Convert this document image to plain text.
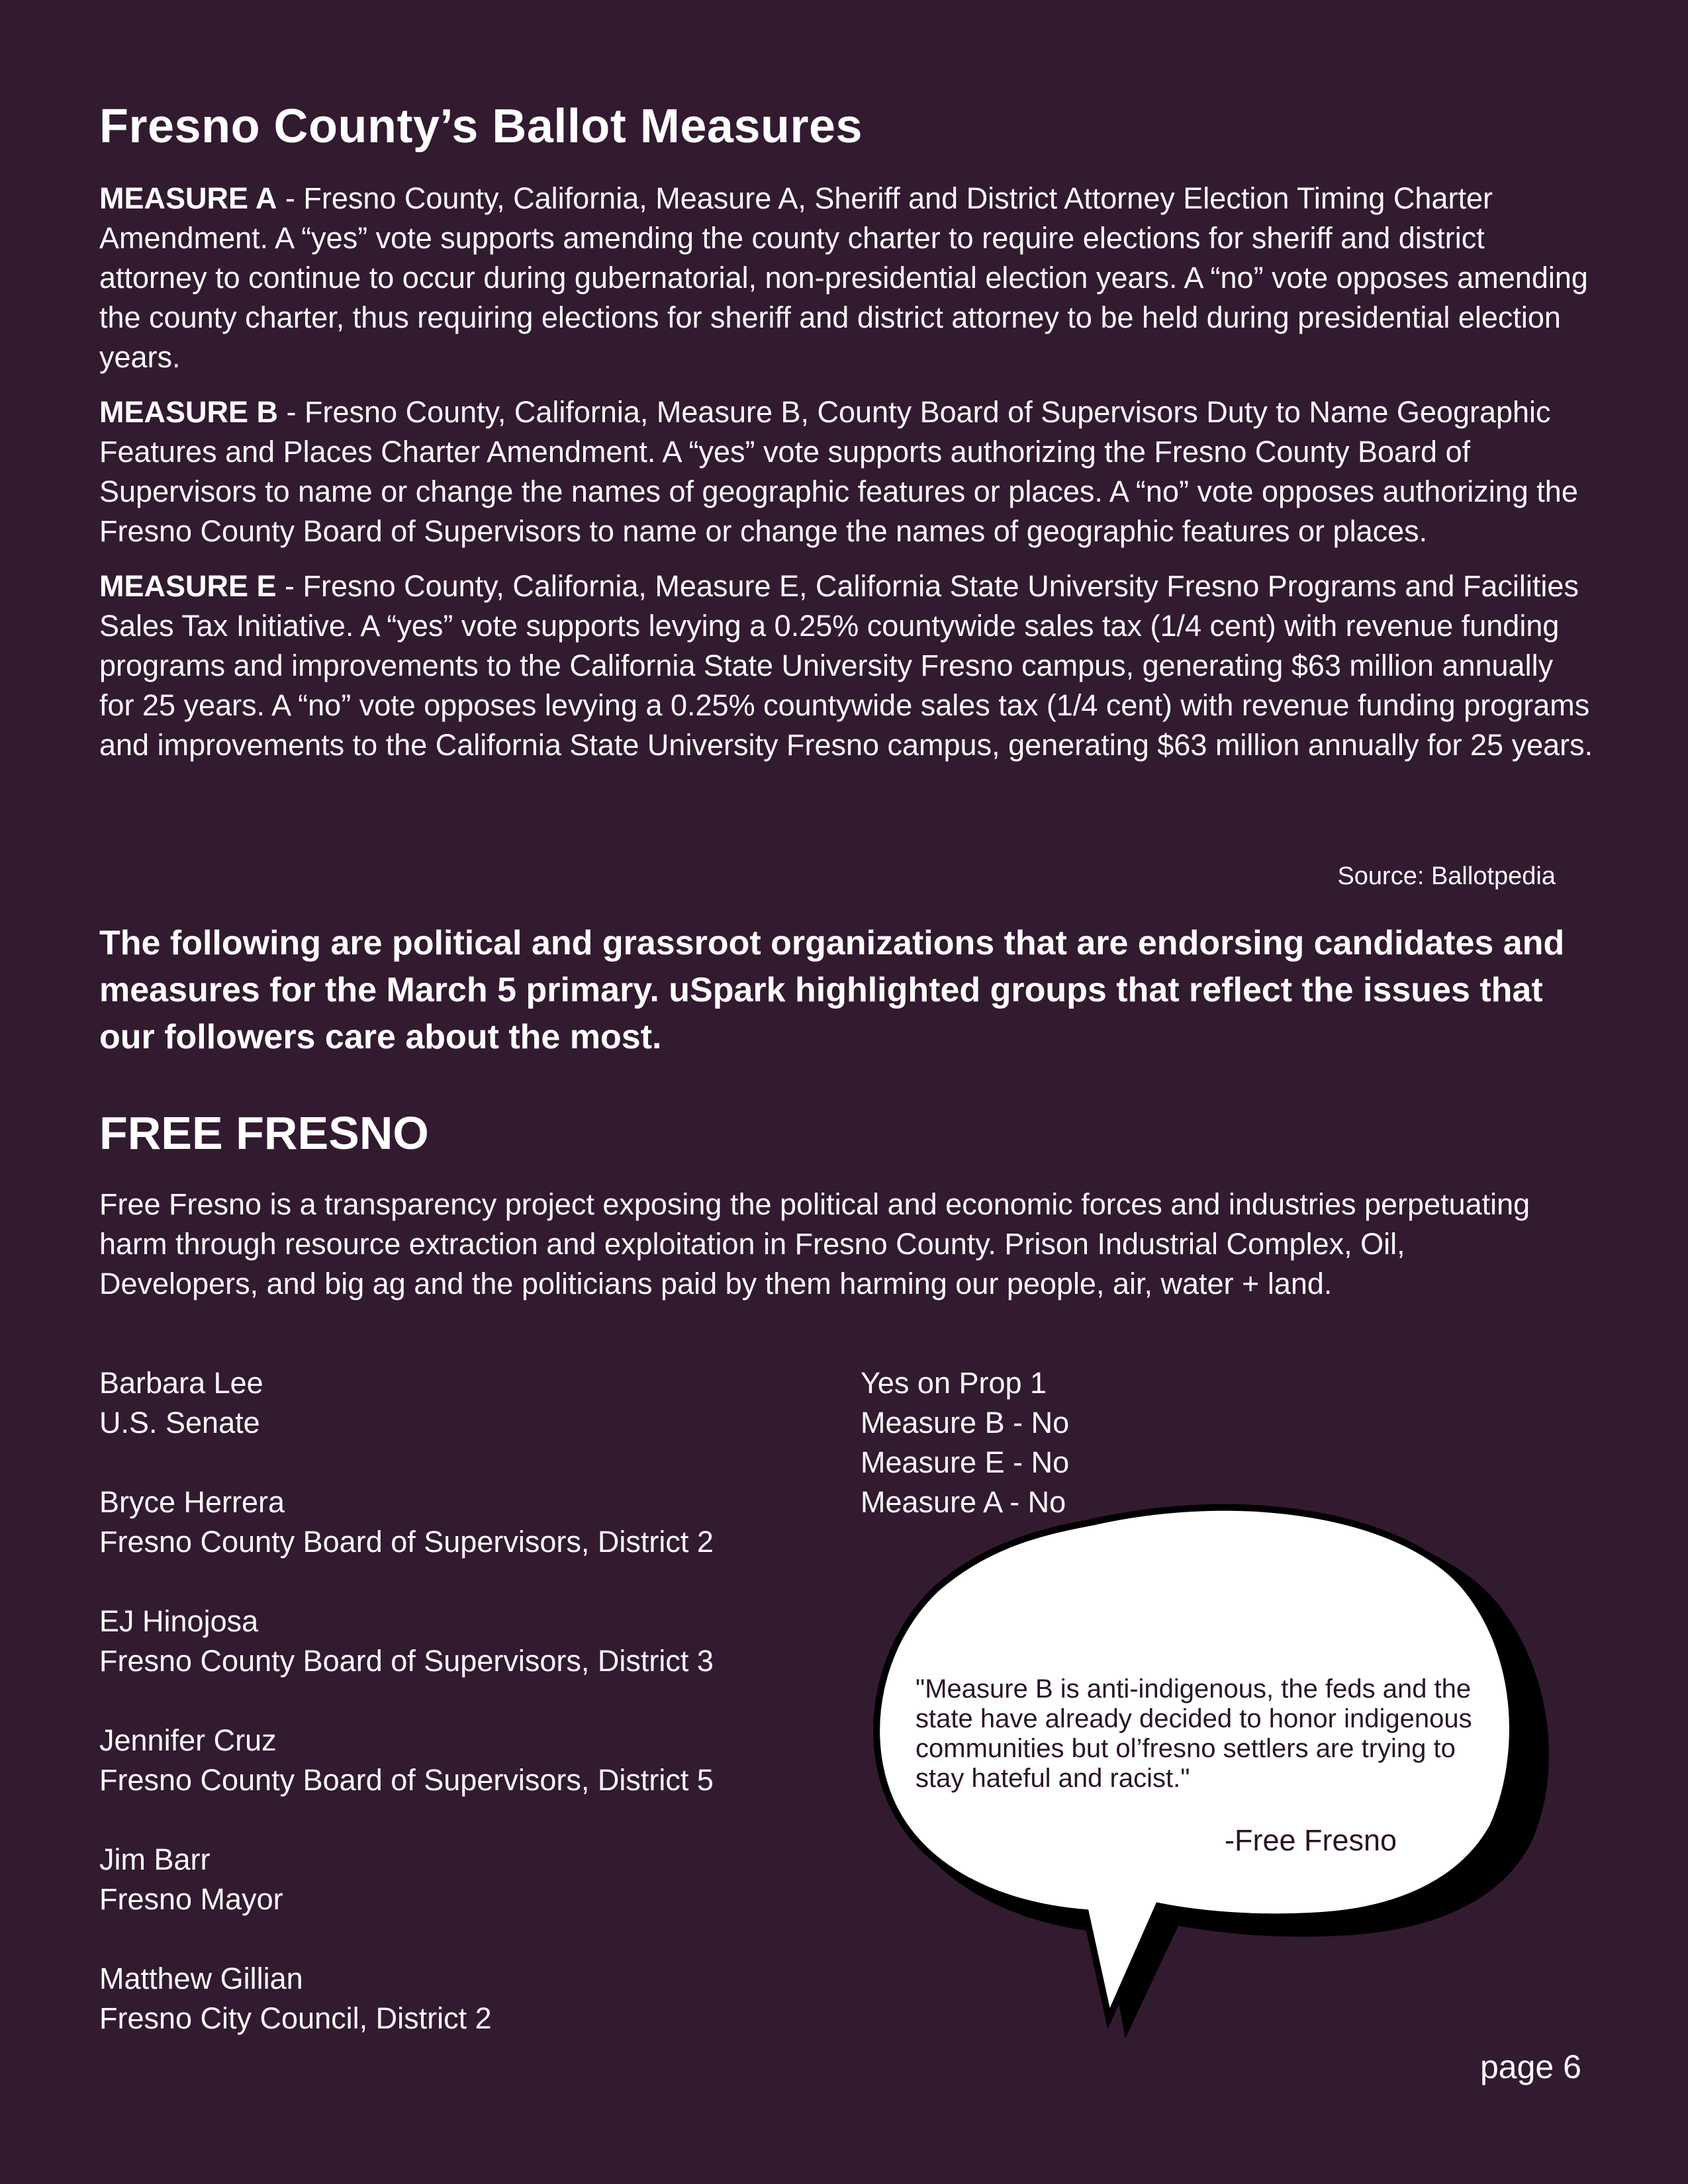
Fresno County’s Ballot Measures

MEASURE A - Fresno County, California, Measure A, Sheriff and District Attorney Election Timing Charter Amendment. A “yes” vote supports amending the county charter to require elections for sheriff and district attorney to continue to occur during gubernatorial, non-presidential election years. A “no” vote opposes amending the county charter, thus requiring elections for sheriff and district attorney to be held during presidential election years.

MEASURE B - Fresno County, California, Measure B, County Board of Supervisors Duty to Name Geographic Features and Places Charter Amendment. A “yes” vote supports authorizing the Fresno County Board of Supervisors to name or change the names of geographic features or places. A “no” vote opposes authorizing the Fresno County Board of Supervisors to name or change the names of geographic features or places.

MEASURE E - Fresno County, California, Measure E, California State University Fresno Programs and Facilities Sales Tax Initiative. A “yes” vote supports levying a 0.25% countywide sales tax (1/4 cent) with revenue funding programs and improvements to the California State University Fresno campus, generating $63 million annually for 25 years. A “no” vote opposes levying a 0.25% countywide sales tax (1/4 cent) with revenue funding programs and improvements to the California State University Fresno campus, generating $63 million annually for 25 years.

Source: Ballotpedia

The following are political and grassroot organizations that are endorsing candidates and measures for the March 5 primary. uSpark highlighted groups that reflect the issues that our followers care about the most.

FREE FRESNO

Free Fresno is a transparency project exposing the political and economic forces and industries perpetuating harm through resource extraction and exploitation in Fresno County. Prison Industrial Complex, Oil, Developers, and big ag and the politicians paid by them harming our people, air, water + land.

Barbara Lee
U.S. Senate
Bryce Herrera
Fresno County Board of Supervisors, District 2
EJ Hinojosa
Fresno County Board of Supervisors, District 3
Jennifer Cruz
Fresno County Board of Supervisors, District 5
Jim Barr
Fresno Mayor
Matthew Gillian
Fresno City Council, District 2
Yes on Prop 1
Measure B - No
Measure E - No
Measure A - No

"Measure B is anti-indigenous, the feds and the state have already decided to honor indigenous communities but ol’fresno settlers are trying to stay hateful and racist."

-Free Fresno

page 6
